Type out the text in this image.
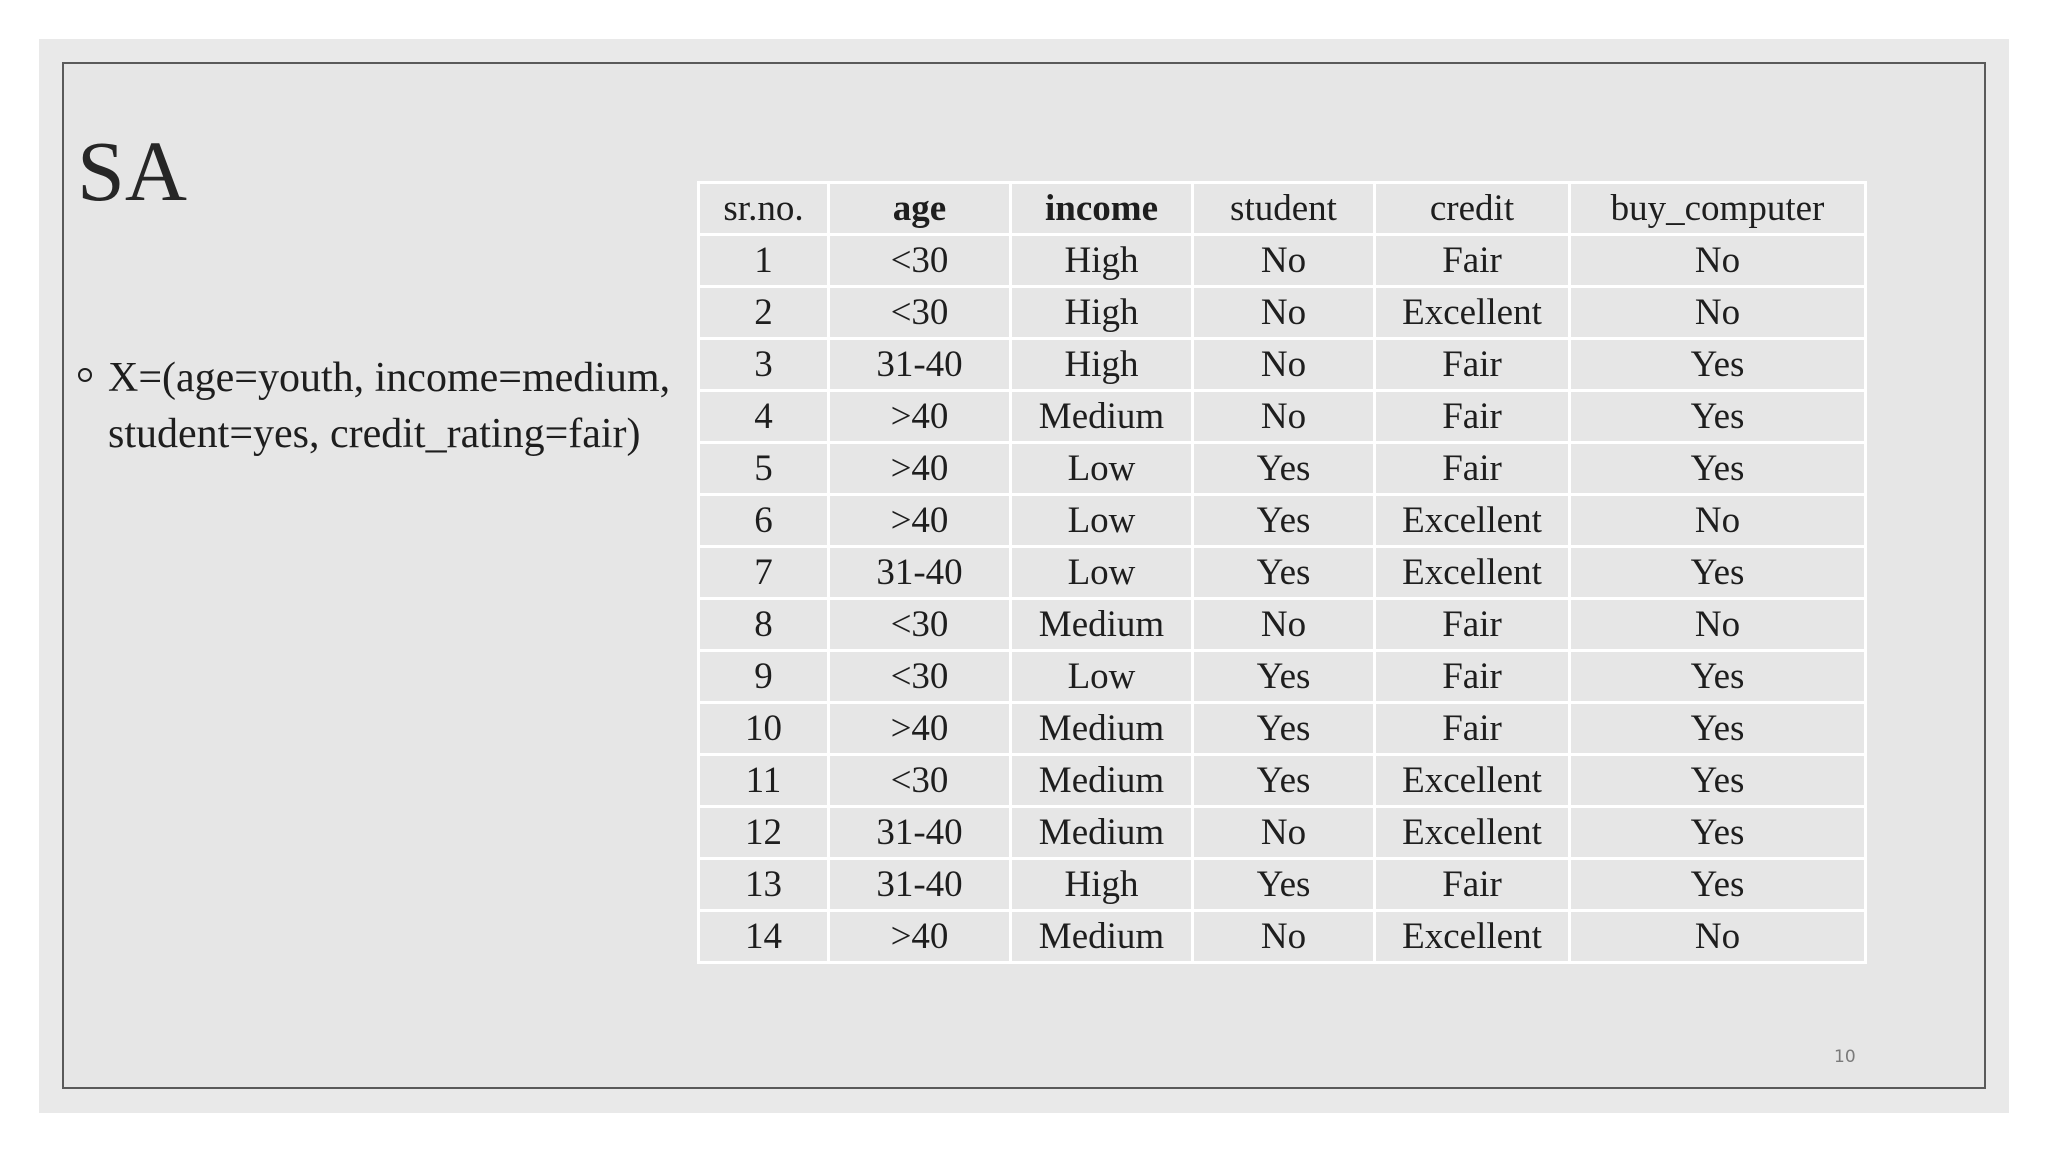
SA
X=(age=youth, income=medium, student=yes, credit_rating=fair)
sr.no.	age	income	student	credit	buy_computer
1	<30	High	No	Fair	No
2	<30	High	No	Excellent	No
3	31-40	High	No	Fair	Yes
4	>40	Medium	No	Fair	Yes
5	>40	Low	Yes	Fair	Yes
6	>40	Low	Yes	Excellent	No
7	31-40	Low	Yes	Excellent	Yes
8	<30	Medium	No	Fair	No
9	<30	Low	Yes	Fair	Yes
10	>40	Medium	Yes	Fair	Yes
11	<30	Medium	Yes	Excellent	Yes
12	31-40	Medium	No	Excellent	Yes
13	31-40	High	Yes	Fair	Yes
14	>40	Medium	No	Excellent	No
10
